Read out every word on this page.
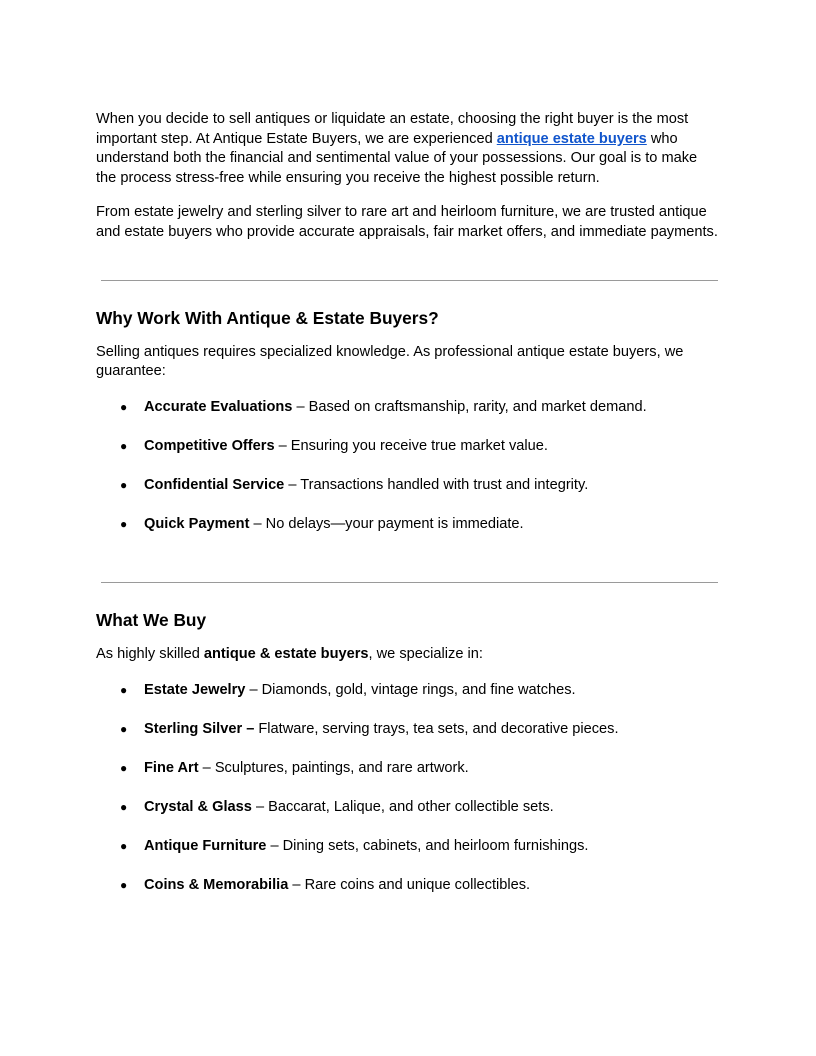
When you decide to sell antiques or liquidate an estate, choosing the right buyer is the most important step. At Antique Estate Buyers, we are experienced antique estate buyers who understand both the financial and sentimental value of your possessions. Our goal is to make the process stress-free while ensuring you receive the highest possible return.

From estate jewelry and sterling silver to rare art and heirloom furniture, we are trusted antique and estate buyers who provide accurate appraisals, fair market offers, and immediate payments.

Why Work With Antique & Estate Buyers?

Selling antiques requires specialized knowledge. As professional antique estate buyers, we guarantee:

● Accurate Evaluations – Based on craftsmanship, rarity, and market demand.
● Competitive Offers – Ensuring you receive true market value.
● Confidential Service – Transactions handled with trust and integrity.
● Quick Payment – No delays—your payment is immediate.
What We Buy

As highly skilled antique & estate buyers, we specialize in:

● Estate Jewelry – Diamonds, gold, vintage rings, and fine watches.
● Sterling Silver – Flatware, serving trays, tea sets, and decorative pieces.
● Fine Art – Sculptures, paintings, and rare artwork.
● Crystal & Glass – Baccarat, Lalique, and other collectible sets.
● Antique Furniture – Dining sets, cabinets, and heirloom furnishings.
● Coins & Memorabilia – Rare coins and unique collectibles.
